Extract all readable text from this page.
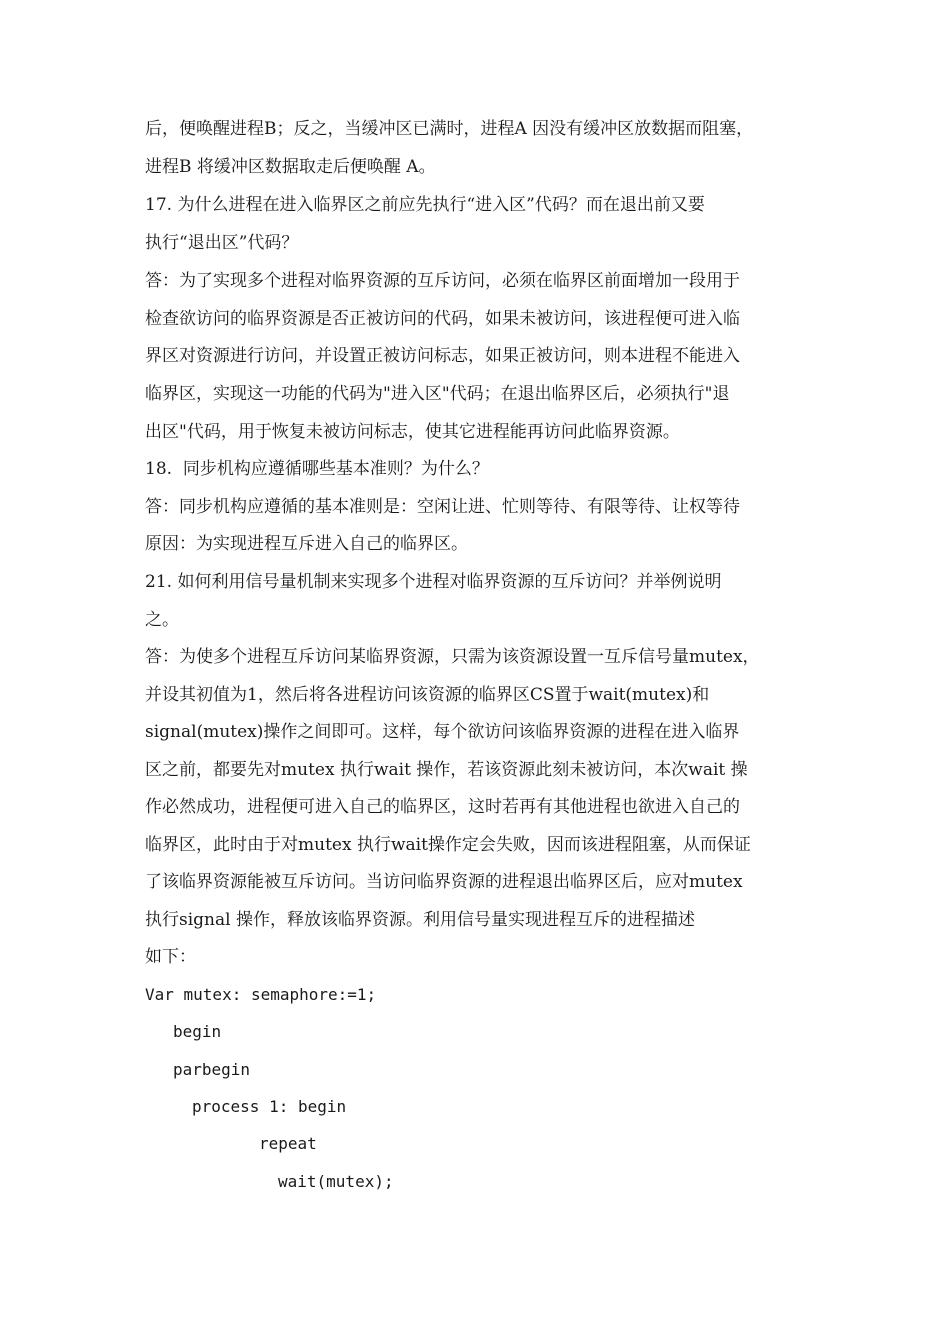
后，便唤醒进程B；反之，当缓冲区已满时，进程A 因没有缓冲区放数据而阻塞，
进程B 将缓冲区数据取走后便唤醒 A。
17. 为什么进程在进入临界区之前应先执行“进入区”代码？而在退出前又要
执行“退出区”代码？
答：为了实现多个进程对临界资源的互斥访问，必须在临界区前面增加一段用于
检查欲访问的临界资源是否正被访问的代码，如果未被访问，该进程便可进入临
界区对资源进行访问，并设置正被访问标志，如果正被访问，则本进程不能进入
临界区，实现这一功能的代码为"进入区"代码；在退出临界区后，必须执行"退
出区"代码，用于恢复未被访问标志，使其它进程能再访问此临界资源。
18.  同步机构应遵循哪些基本准则？为什么？
答：同步机构应遵循的基本准则是：空闲让进、忙则等待、有限等待、让权等待
原因：为实现进程互斥进入自己的临界区。
21. 如何利用信号量机制来实现多个进程对临界资源的互斥访问？并举例说明
之。
答：为使多个进程互斥访问某临界资源，只需为该资源设置一互斥信号量mutex，
并设其初值为1，然后将各进程访问该资源的临界区CS置于wait(mutex)和
signal(mutex)操作之间即可。这样，每个欲访问该临界资源的进程在进入临界
区之前，都要先对mutex 执行wait 操作，若该资源此刻未被访问，本次wait 操
作必然成功，进程便可进入自己的临界区，这时若再有其他进程也欲进入自己的
临界区，此时由于对mutex 执行wait操作定会失败，因而该进程阻塞，从而保证
了该临界资源能被互斥访问。当访问临界资源的进程退出临界区后，应对mutex
执行signal 操作，释放该临界资源。利用信号量实现进程互斥的进程描述
如下：
Var mutex: semaphore:=1;
begin
parbegin
process 1: begin
repeat
wait(mutex);
